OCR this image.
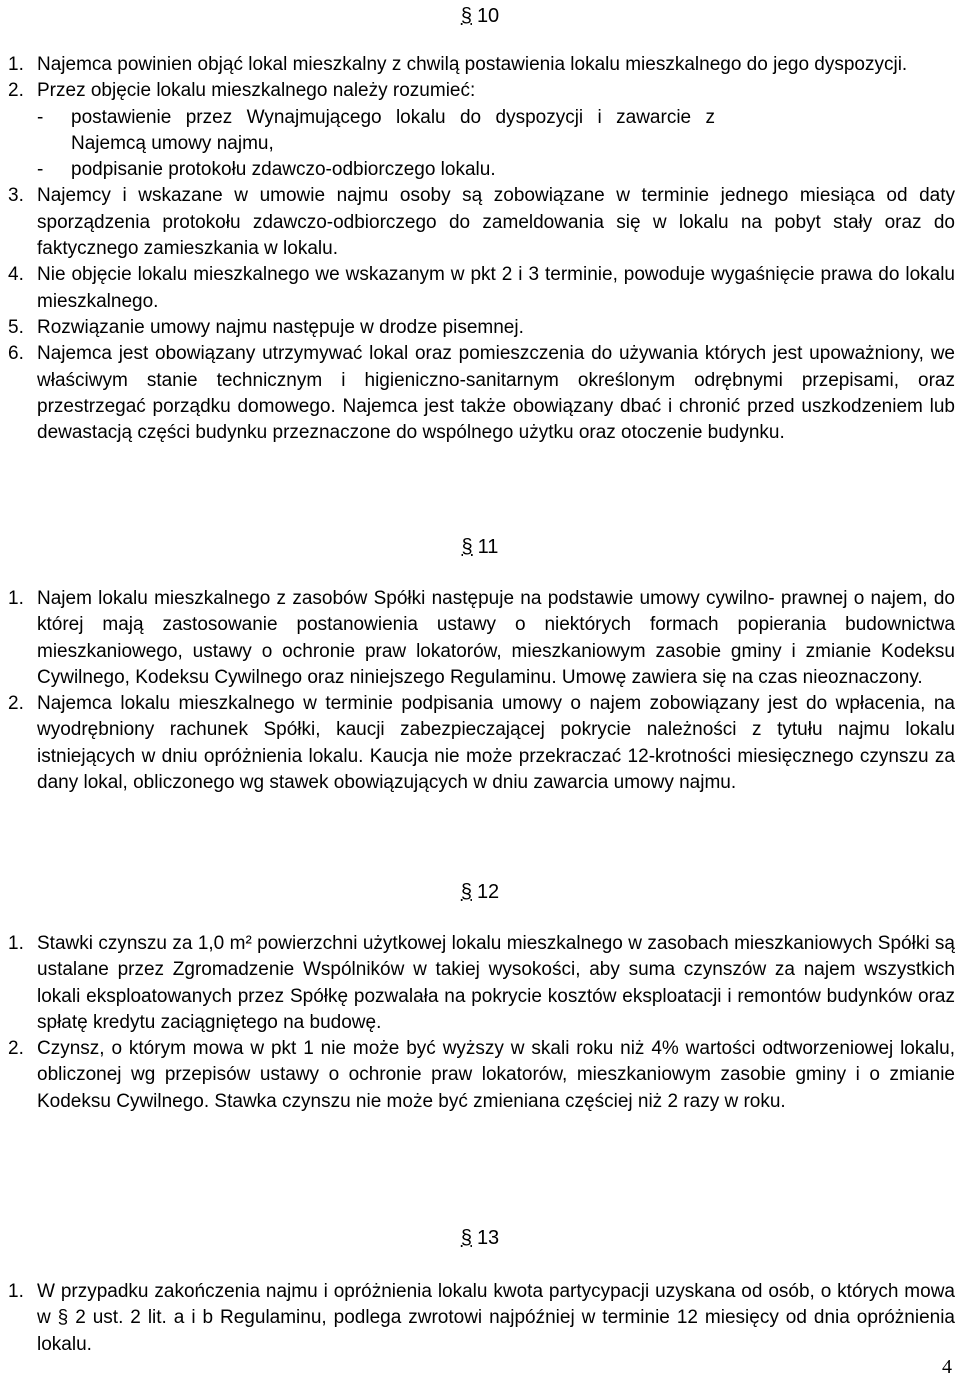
§ 10
1. Najemca powinien objąć lokal mieszkalny z chwilą postawienia lokalu mieszkalnego do jego dyspozycji.
2. Przez objęcie lokalu mieszkalnego należy rozumieć:
- postawienie przez Wynajmującego lokalu do dyspozycji i zawarcie z Najemcą umowy najmu,
- podpisanie protokołu zdawczo-odbiorczego lokalu.
3. Najemcy i wskazane w umowie najmu osoby są zobowiązane w terminie jednego miesiąca od daty sporządzenia protokołu zdawczo-odbiorczego do zameldowania się w lokalu na pobyt stały oraz do faktycznego zamieszkania w lokalu.
4. Nie objęcie lokalu mieszkalnego we wskazanym w pkt 2 i 3 terminie, powoduje wygaśnięcie prawa do lokalu mieszkalnego.
5. Rozwiązanie umowy najmu następuje w drodze pisemnej.
6. Najemca jest obowiązany utrzymywać lokal oraz pomieszczenia do używania których jest upoważniony, we właściwym stanie technicznym i higieniczno-sanitarnym określonym odrębnymi przepisami, oraz przestrzegać porządku domowego. Najemca jest także obowiązany dbać i chronić przed uszkodzeniem lub dewastacją części budynku przeznaczone do wspólnego użytku oraz otoczenie budynku.
§ 11
1. Najem lokalu mieszkalnego z zasobów Spółki następuje na podstawie umowy cywilno- prawnej o najem, do której mają zastosowanie postanowienia ustawy o niektórych formach popierania budownictwa mieszkaniowego, ustawy o ochronie praw lokatorów, mieszkaniowym zasobie gminy i zmianie Kodeksu Cywilnego, Kodeksu Cywilnego oraz niniejszego Regulaminu. Umowę zawiera się na czas nieoznaczony.
2. Najemca lokalu mieszkalnego w terminie podpisania umowy o najem zobowiązany jest do wpłacenia, na wyodrębniony rachunek Spółki, kaucji zabezpieczającej pokrycie należności z tytułu najmu lokalu istniejących w dniu opróżnienia lokalu. Kaucja nie może przekraczać 12-krotności miesięcznego czynszu za dany lokal, obliczonego wg stawek obowiązujących w dniu zawarcia umowy najmu.
§ 12
1. Stawki czynszu za 1,0 m² powierzchni użytkowej lokalu mieszkalnego w zasobach mieszkaniowych Spółki są ustalane przez Zgromadzenie Wspólników w takiej wysokości, aby suma czynszów za najem wszystkich lokali eksploatowanych przez Spółkę pozwalała na pokrycie kosztów eksploatacji i remontów budynków oraz spłatę kredytu zaciągniętego na budowę.
2. Czynsz, o którym mowa w pkt 1 nie może być wyższy w skali roku niż 4% wartości odtworzeniowej lokalu, obliczonej wg przepisów ustawy o ochronie praw lokatorów, mieszkaniowym zasobie gminy i o zmianie Kodeksu Cywilnego. Stawka czynszu nie może być zmieniana częściej niż 2 razy w roku.
§ 13
1. W przypadku zakończenia najmu i opróżnienia lokalu kwota partycypacji uzyskana od osób, o których mowa w § 2 ust. 2 lit. a i b Regulaminu, podlega zwrotowi najpóźniej w terminie 12 miesięcy od dnia opróżnienia lokalu.
4
